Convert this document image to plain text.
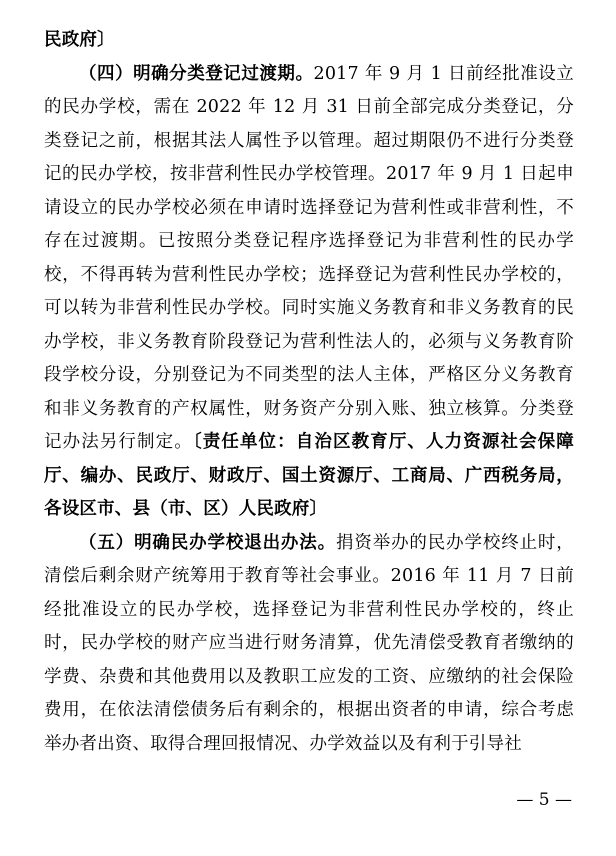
民政府〕

（四）明确分类登记过渡期。2017 年 9 月 1 日前经批准设立的民办学校，需在 2022 年 12 月 31 日前全部完成分类登记，分类登记之前，根据其法人属性予以管理。超过期限仍不进行分类登记的民办学校，按非营利性民办学校管理。2017 年 9 月 1 日起申请设立的民办学校必须在申请时选择登记为营利性或非营利性，不存在过渡期。已按照分类登记程序选择登记为非营利性的民办学校，不得再转为营利性民办学校；选择登记为营利性民办学校的，可以转为非营利性民办学校。同时实施义务教育和非义务教育的民办学校，非义务教育阶段登记为营利性法人的，必须与义务教育阶段学校分设，分别登记为不同类型的法人主体，严格区分义务教育和非义务教育的产权属性，财务资产分别入账、独立核算。分类登记办法另行制定。〔责任单位：自治区教育厅、人力资源社会保障厅、编办、民政厅、财政厅、国土资源厅、工商局、广西税务局，各设区市、县（市、区）人民政府〕

（五）明确民办学校退出办法。捐资举办的民办学校终止时，清偿后剩余财产统筹用于教育等社会事业。2016 年 11 月 7 日前经批准设立的民办学校，选择登记为非营利性民办学校的，终止时，民办学校的财产应当进行财务清算，优先清偿受教育者缴纳的学费、杂费和其他费用以及教职工应发的工资、应缴纳的社会保险费用，在依法清偿债务后有剩余的，根据出资者的申请，综合考虑举办者出资、取得合理回报情况、办学效益以及有利于引导社

— 5 —
